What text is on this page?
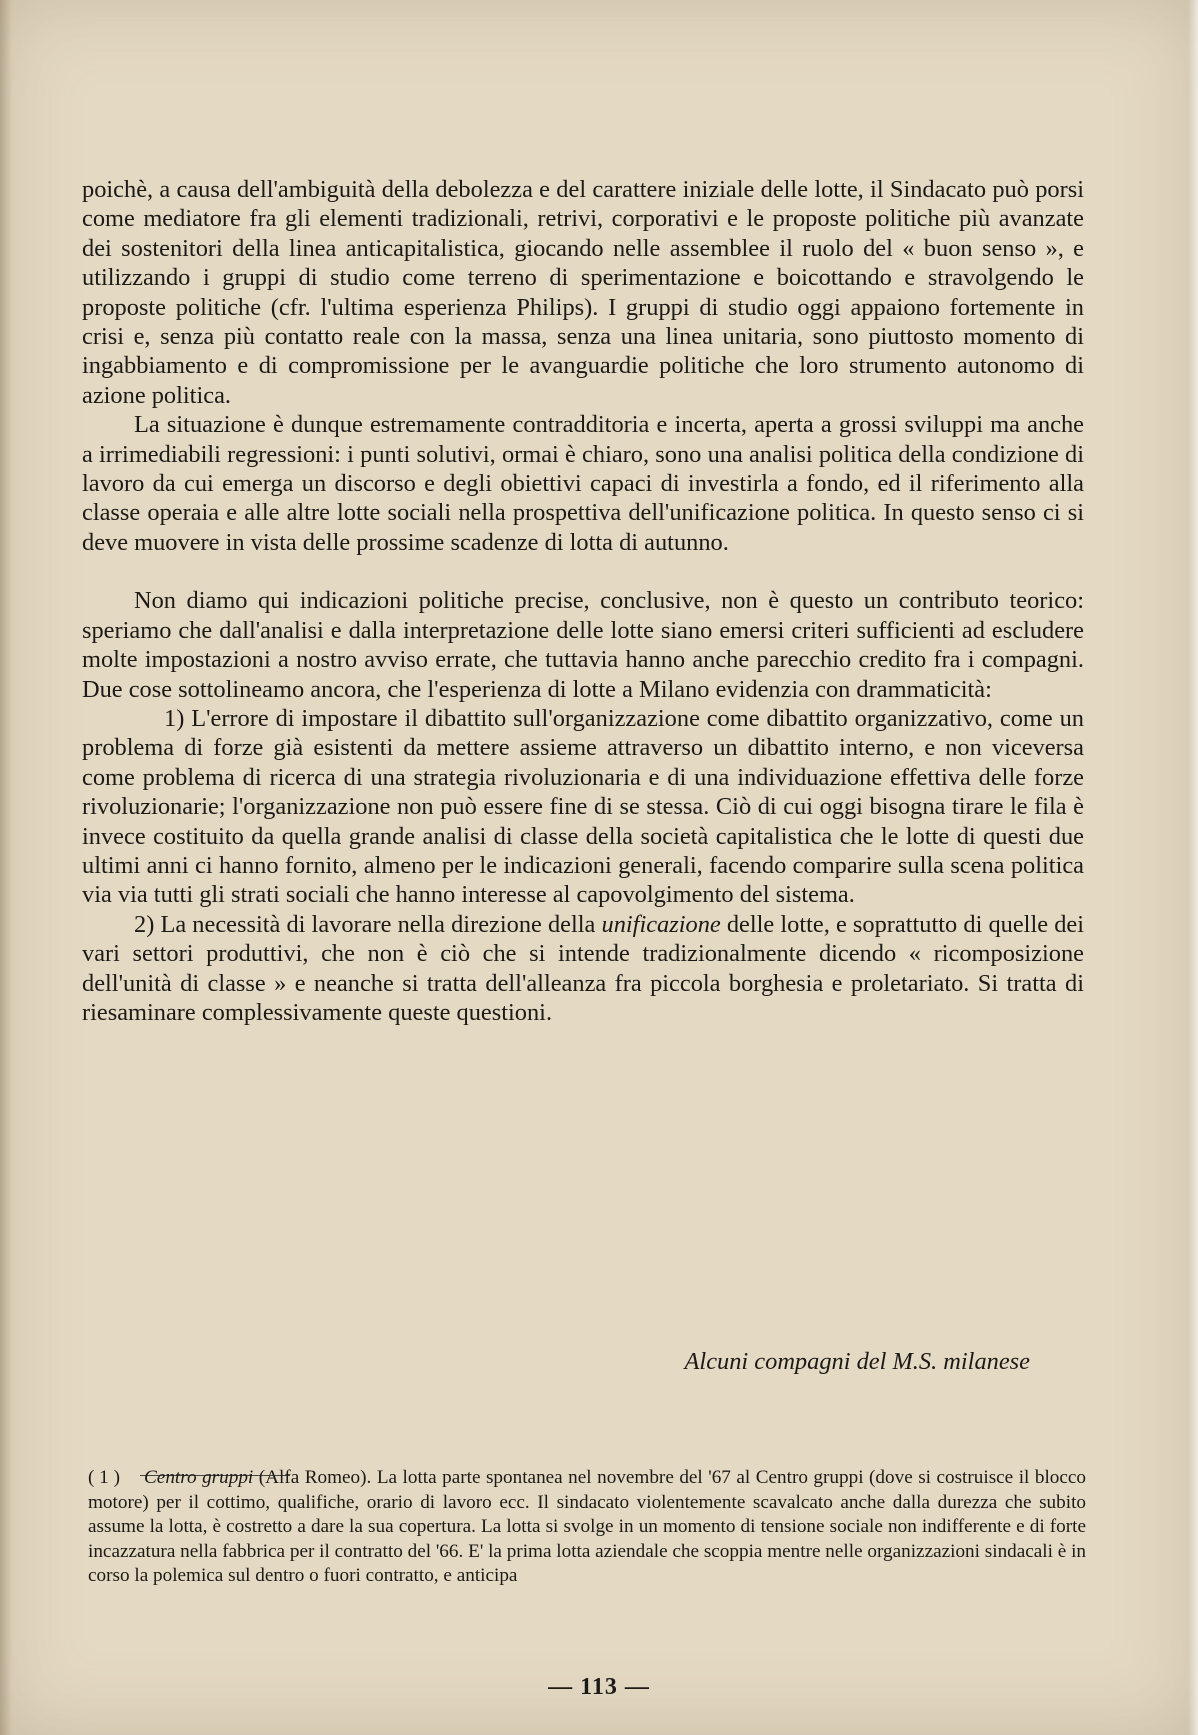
poichè, a causa dell'ambiguità della debolezza e del carattere iniziale delle lotte, il Sindacato può porsi come mediatore fra gli elementi tradizionali, retrivi, corporativi e le proposte politiche più avanzate dei sostenitori della linea anticapitalistica, giocando nelle assemblee il ruolo del « buon senso », e utilizzando i gruppi di studio come terreno di sperimentazione e boicottando e stravolgendo le proposte politiche (cfr. l'ultima esperienza Philips). I gruppi di studio oggi appaiono fortemente in crisi e, senza più contatto reale con la massa, senza una linea unitaria, sono piuttosto momento di ingabbiamento e di compromissione per le avanguardie politiche che loro strumento autonomo di azione politica.

La situazione è dunque estremamente contradditoria e incerta, aperta a grossi sviluppi ma anche a irrimediabili regressioni: i punti solutivi, ormai è chiaro, sono una analisi politica della condizione di lavoro da cui emerga un discorso e degli obiettivi capaci di investirla a fondo, ed il riferimento alla classe operaia e alle altre lotte sociali nella prospettiva dell'unificazione politica. In questo senso ci si deve muovere in vista delle prossime scadenze di lotta di autunno.

Non diamo qui indicazioni politiche precise, conclusive, non è questo un contributo teorico: speriamo che dall'analisi e dalla interpretazione delle lotte siano emersi criteri sufficienti ad escludere molte impostazioni a nostro avviso errate, che tuttavia hanno anche parecchio credito fra i compagni. Due cose sottolineamo ancora, che l'esperienza di lotte a Milano evidenzia con drammaticità:

1) L'errore di impostare il dibattito sull'organizzazione come dibattito organizzativo, come un problema di forze già esistenti da mettere assieme attraverso un dibattito interno, e non viceversa come problema di ricerca di una strategia rivoluzionaria e di una individuazione effettiva delle forze rivoluzionarie; l'organizzazione non può essere fine di se stessa. Ciò di cui oggi bisogna tirare le fila è invece costituito da quella grande analisi di classe della società capitalistica che le lotte di questi due ultimi anni ci hanno fornito, almeno per le indicazioni generali, facendo comparire sulla scena politica via via tutti gli strati sociali che hanno interesse al capovolgimento del sistema.

2) La necessità di lavorare nella direzione della unificazione delle lotte, e soprattutto di quelle dei vari settori produttivi, che non è ciò che si intende tradizionalmente dicendo « ricomposizione dell'unità di classe » e neanche si tratta dell'alleanza fra piccola borghesia e proletariato. Si tratta di riesaminare complessivamente queste questioni.

Alcuni compagni del M.S. milanese

( 1 ) Centro gruppi (Alfa Romeo). La lotta parte spontanea nel novembre del '67 al Centro gruppi (dove si costruisce il blocco motore) per il cottimo, qualifiche, orario di lavoro ecc. Il sindacato violentemente scavalcato anche dalla durezza che subito assume la lotta, è costretto a dare la sua copertura. La lotta si svolge in un momento di tensione sociale non indifferente e di forte incazzatura nella fabbrica per il contratto del '66. E' la prima lotta aziendale che scoppia mentre nelle organizzazioni sindacali è in corso la polemica sul dentro o fuori contratto, e anticipa

— 113 —
